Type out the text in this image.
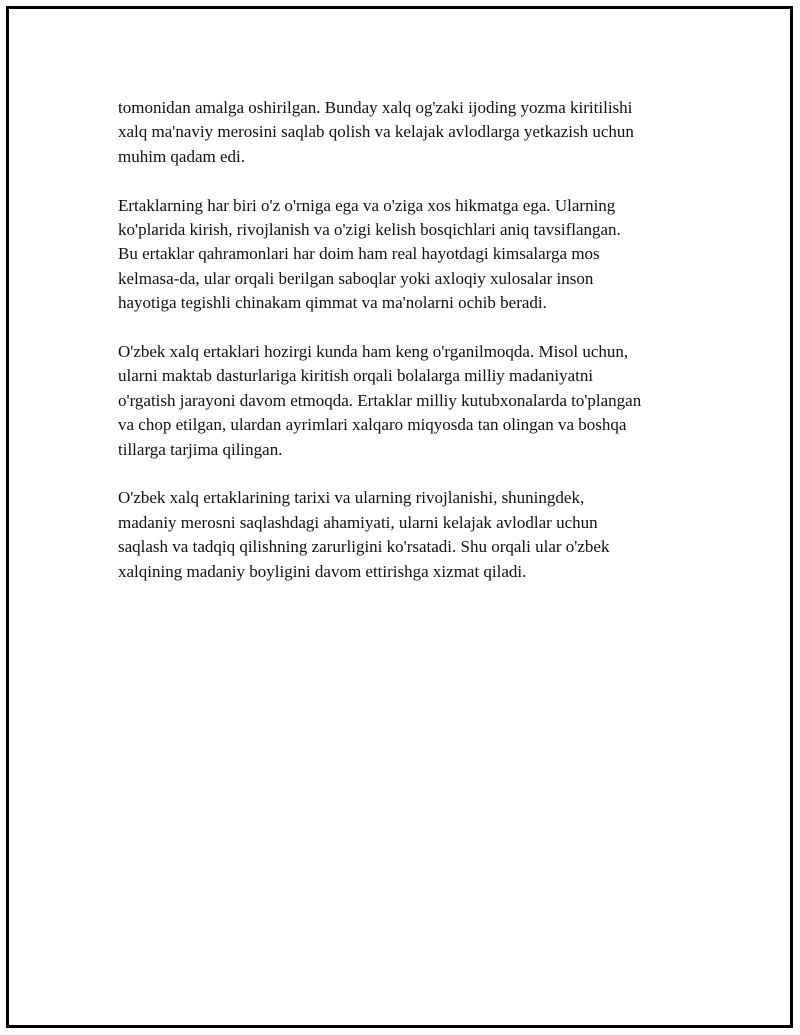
tomonidan amalga oshirilgan. Bunday xalq og'zaki ijoding yozma kiritilishi
xalq ma'naviy merosini saqlab qolish va kelajak avlodlarga yetkazish uchun
muhim qadam edi.

Ertaklarning har biri o'z o'rniga ega va o'ziga xos hikmatga ega. Ularning
ko'plarida kirish, rivojlanish va o'zigi kelish bosqichlari aniq tavsiflangan.
Bu ertaklar qahramonlari har doim ham real hayotdagi kimsalarga mos
kelmasa-da, ular orqali berilgan saboqlar yoki axloqiy xulosalar inson
hayotiga tegishli chinakam qimmat va ma'nolarni ochib beradi.

O'zbek xalq ertaklari hozirgi kunda ham keng o'rganilmoqda. Misol uchun,
ularni maktab dasturlariga kiritish orqali bolalarga milliy madaniyatni
o'rgatish jarayoni davom etmoqda. Ertaklar milliy kutubxonalarda to'plangan
va chop etilgan, ulardan ayrimlari xalqaro miqyosda tan olingan va boshqa
tillarga tarjima qilingan.

O'zbek xalq ertaklarining tarixi va ularning rivojlanishi, shuningdek,
madaniy merosni saqlashdagi ahamiyati, ularni kelajak avlodlar uchun
saqlash va tadqiq qilishning zarurligini ko'rsatadi. Shu orqali ular o'zbek
xalqining madaniy boyligini davom ettirishga xizmat qiladi.
